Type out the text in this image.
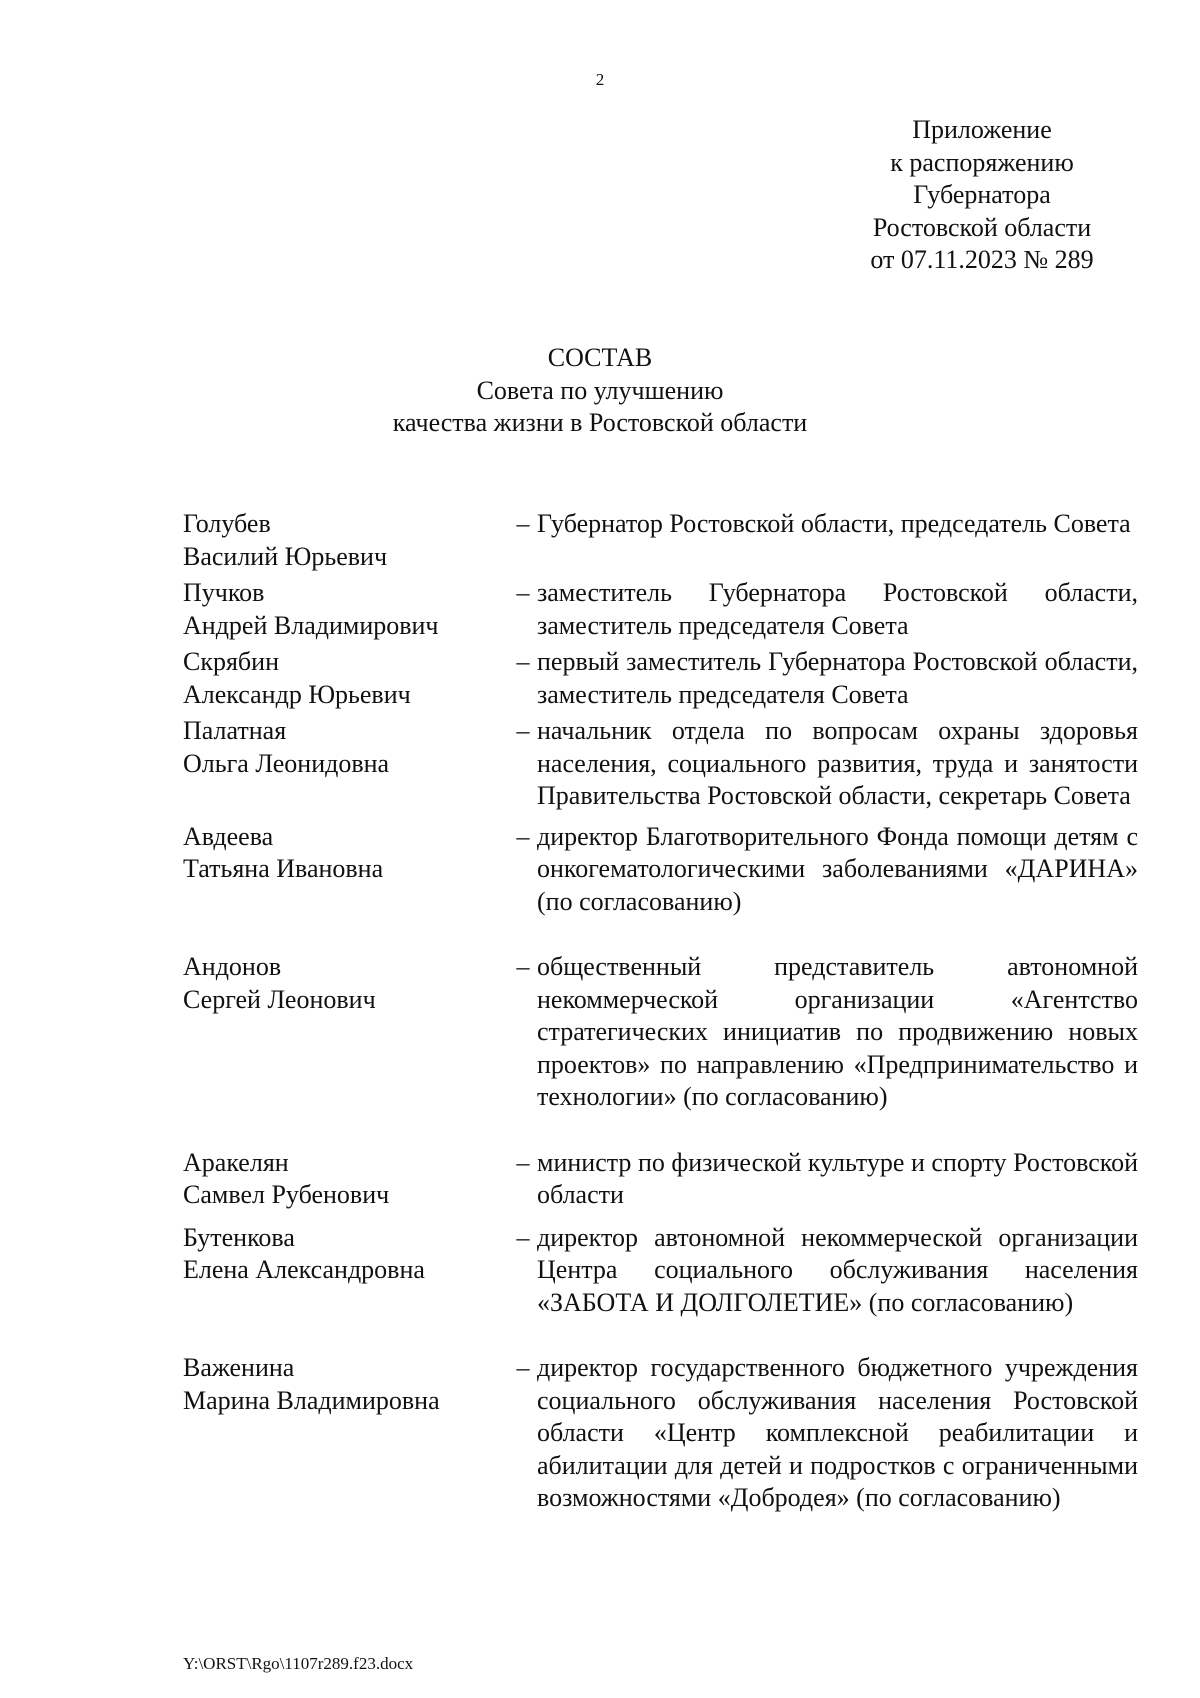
2
Приложение
к распоряжению
Губернатора
Ростовской области
от 07.11.2023 № 289
СОСТАВ
Совета по улучшению
качества жизни в Ростовской области
Голубев
Василий Юрьевич
– Губернатор Ростовской области, председатель Совета
Пучков
Андрей Владимирович
– заместитель Губернатора Ростовской области, заместитель председателя Совета
Скрябин
Александр Юрьевич
– первый заместитель Губернатора Ростовской области, заместитель председателя Совета
Палатная
Ольга Леонидовна
– начальник отдела по вопросам охраны здоровья населения, социального развития, труда и занятости Правительства Ростовской области, секретарь Совета
Авдеева
Татьяна Ивановна
– директор Благотворительного Фонда помощи детям с онкогематологическими заболеваниями «ДАРИНА» (по согласованию)
Андонов
Сергей Леонович
– общественный представитель автономной некоммерческой организации «Агентство стратегических инициатив по продвижению новых проектов» по направлению «Предпринимательство и технологии» (по согласованию)
Аракелян
Самвел Рубенович
– министр по физической культуре и спорту Ростовской области
Бутенкова
Елена Александровна
– директор автономной некоммерческой организации Центра социального обслуживания населения «ЗАБОТА И ДОЛГОЛЕТИЕ» (по согласованию)
Важенина
Марина Владимировна
– директор государственного бюджетного учреждения социального обслуживания населения Ростовской области «Центр комплексной реабилитации и абилитации для детей и подростков с ограниченными возможностями «Добродея» (по согласованию)
Y:\ORST\Rgo\1107r289.f23.docx
